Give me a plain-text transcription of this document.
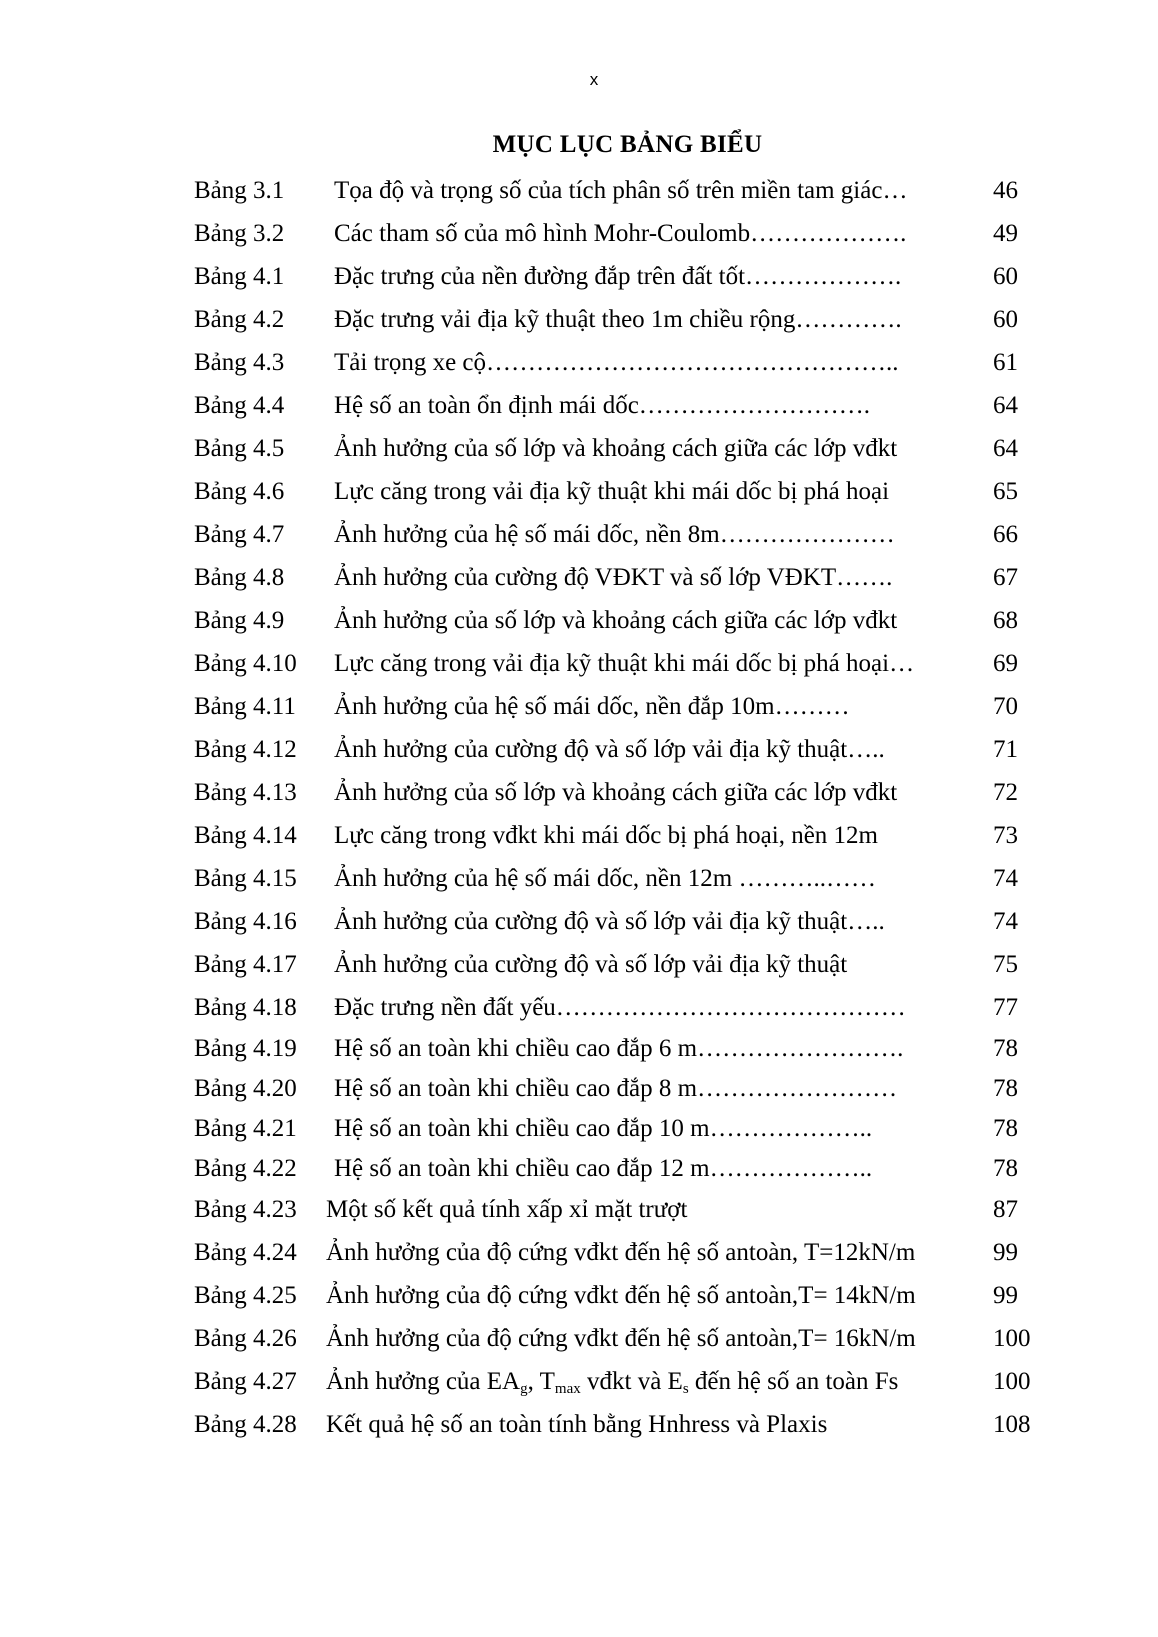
x
MỤC LỤC BẢNG BIỂU
Bảng 3.1 Tọa độ và trọng số của tích phân số trên miền tam giác…	46
Bảng 3.2 Các tham số của mô hình Mohr-Coulomb……………….	49
Bảng 4.1 Đặc trưng của nền đường đắp trên đất tốt……………….	60
Bảng 4.2 Đặc trưng vải địa kỹ thuật theo 1m chiều rộng………….	60
Bảng 4.3 Tải trọng xe cộ…………………………………………..	61
Bảng 4.4 Hệ số an toàn ổn định mái dốc……………………….	64
Bảng 4.5 Ảnh hưởng của số lớp và khoảng cách giữa các lớp vđkt	64
Bảng 4.6 Lực căng trong vải địa kỹ thuật khi mái dốc bị phá hoại	65
Bảng 4.7 Ảnh hưởng của hệ số mái dốc, nền 8m…………………	66
Bảng 4.8 Ảnh hưởng của cường độ VĐKT và số lớp VĐKT…….	67
Bảng 4.9 Ảnh hưởng của số lớp và khoảng cách giữa các lớp vđkt	68
Bảng 4.10 Lực căng trong vải địa kỹ thuật khi mái dốc bị phá hoại…	69
Bảng 4.11 Ảnh hưởng của hệ số mái dốc, nền đắp 10m………	70
Bảng 4.12 Ảnh hưởng của cường độ và số lớp vải địa kỹ thuật…..	71
Bảng 4.13 Ảnh hưởng của số lớp và khoảng cách giữa các lớp vđkt	72
Bảng 4.14 Lực căng trong vđkt khi mái dốc bị phá hoại, nền 12m	73
Bảng 4.15 Ảnh hưởng của hệ số mái dốc, nền 12m ………..……	74
Bảng 4.16 Ảnh hưởng của cường độ và số lớp vải địa kỹ thuật…..	74
Bảng 4.17 Ảnh hưởng của cường độ và số lớp vải địa kỹ thuật	75
Bảng 4.18 Đặc trưng nền đất yếu……………………………………	77
Bảng 4.19 Hệ số an toàn khi chiều cao đắp 6 m…………………….	78
Bảng 4.20 Hệ số an toàn khi chiều cao đắp 8 m……………………	78
Bảng 4.21 Hệ số an toàn khi chiều cao đắp 10 m………………..	78
Bảng 4.22 Hệ số an toàn khi chiều cao đắp 12 m………………..	78
Bảng 4.23 Một số kết quả tính xấp xỉ mặt trượt	87
Bảng 4.24 Ảnh hưởng của độ cứng vđkt đến hệ số antoàn, T=12kN/m	99
Bảng 4.25 Ảnh hưởng của độ cứng vđkt đến hệ số antoàn,T= 14kN/m	99
Bảng 4.26 Ảnh hưởng của độ cứng vđkt đến hệ số antoàn,T= 16kN/m	100
Bảng 4.27 Ảnh hưởng của $EA_g$, $T_{max}$ vđkt và $E_s$ đến hệ số an toàn Fs	100
Bảng 4.28 Kết quả hệ số an toàn tính bằng Hnhress và Plaxis	108
